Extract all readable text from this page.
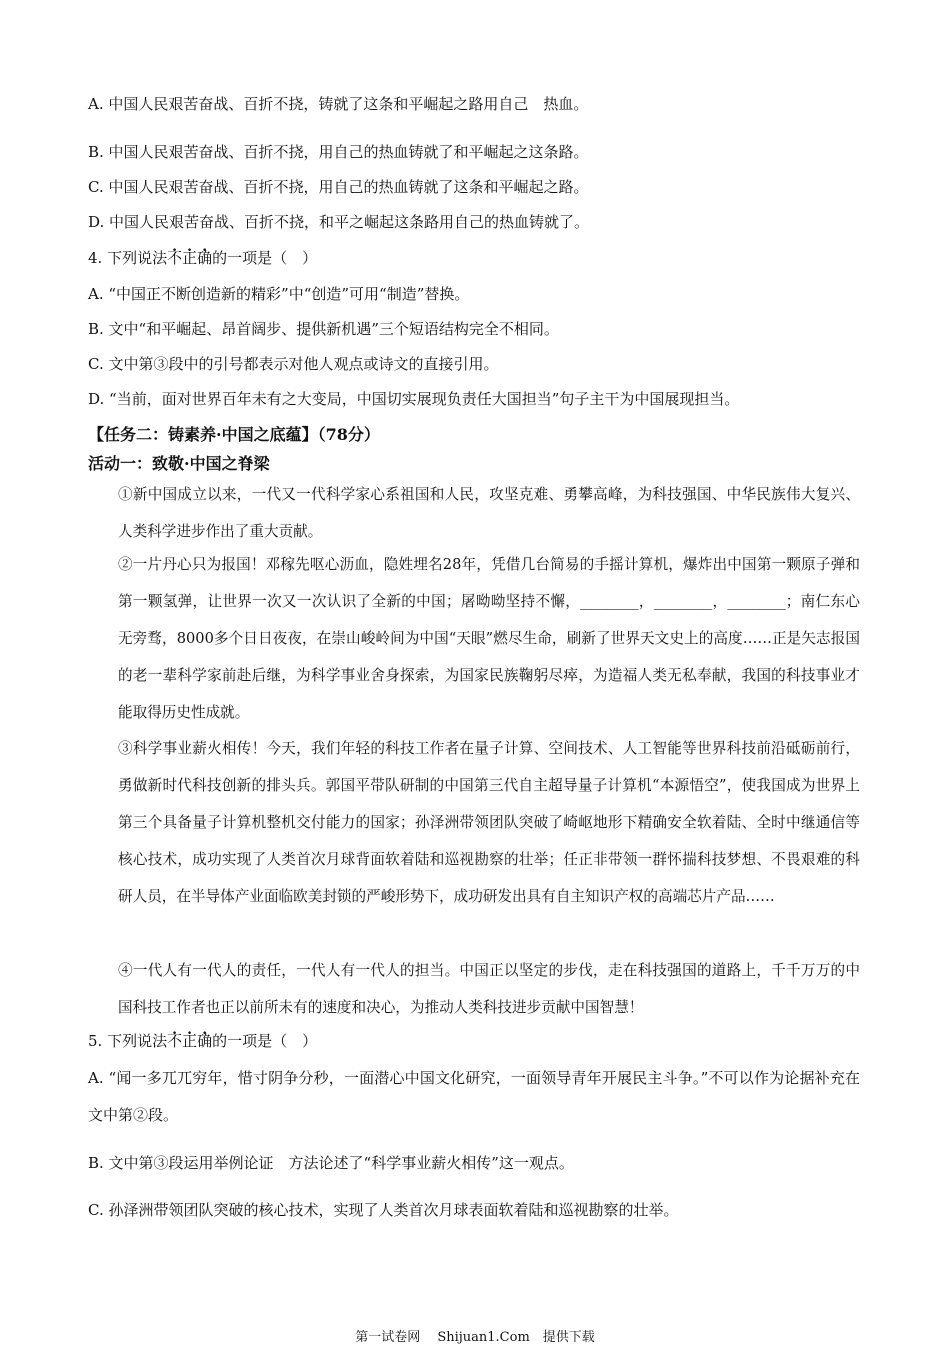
A. 中国人民艰苦奋战、百折不挠，铸就了这条和平崛起之路用自己　热血。
B. 中国人民艰苦奋战、百折不挠，用自己的热血铸就了和平崛起之这条路。
C. 中国人民艰苦奋战、百折不挠，用自己的热血铸就了这条和平崛起之路。
D. 中国人民艰苦奋战、百折不挠，和平之崛起这条路用自己的热血铸就了。
4. 下列说法不正确的一项是（　）
A. “中国正不断创造新的精彩”中“创造”可用“制造”替换。
B. 文中“和平崛起、昂首阔步、提供新机遇”三个短语结构完全不相同。
C. 文中第③段中的引号都表示对他人观点或诗文的直接引用。
D. “当前，面对世界百年未有之大变局，中国切实展现负责任大国担当”句子主干为中国展现担当。
【任务二：铸素养·中国之底蕴】（78分）
活动一：致敬·中国之脊梁
①新中国成立以来，一代又一代科学家心系祖国和人民，攻坚克难、勇攀高峰，为科技强国、中华民族伟大复兴、人类科学进步作出了重大贡献。
②一片丹心只为报国！邓稼先呕心沥血，隐姓埋名28年，凭借几台简易的手摇计算机，爆炸出中国第一颗原子弹和第一颗氢弹，让世界一次又一次认识了全新的中国；屠呦呦坚持不懈，________，________，________；南仁东心无旁骛，8000多个日日夜夜，在崇山峻岭间为中国“天眼”燃尽生命，刷新了世界天文史上的高度……正是矢志报国的老一辈科学家前赴后继，为科学事业舍身探索，为国家民族鞠躬尽瘁，为造福人类无私奉献，我国的科技事业才能取得历史性成就。
③科学事业薪火相传！今天，我们年轻的科技工作者在量子计算、空间技术、人工智能等世界科技前沿砥砺前行，勇做新时代科技创新的排头兵。郭国平带队研制的中国第三代自主超导量子计算机“本源悟空”，使我国成为世界上第三个具备量子计算机整机交付能力的国家；孙泽洲带领团队突破了崎岖地形下精确安全软着陆、全时中继通信等核心技术，成功实现了人类首次月球背面软着陆和巡视勘察的壮举；任正非带领一群怀揣科技梦想、不畏艰难的科研人员，在半导体产业面临欧美封锁的严峻形势下，成功研发出具有自主知识产权的高端芯片产品……
④一代人有一代人的责任，一代人有一代人的担当。中国正以坚定的步伐，走在科技强国的道路上，千千万万的中国科技工作者也正以前所未有的速度和决心，为推动人类科技进步贡献中国智慧！
5. 下列说法不正确的一项是（　）
A. “闻一多兀兀穷年，惜寸阴争分秒，一面潜心中国文化研究，一面领导青年开展民主斗争。”不可以作为论据补充在文中第②段。
B. 文中第③段运用举例论证　方法论述了“科学事业薪火相传”这一观点。
C. 孙泽洲带领团队突破的核心技术，实现了人类首次月球表面软着陆和巡视勘察的壮举。
第一试卷网　 Shijuan1.Com　提供下载
